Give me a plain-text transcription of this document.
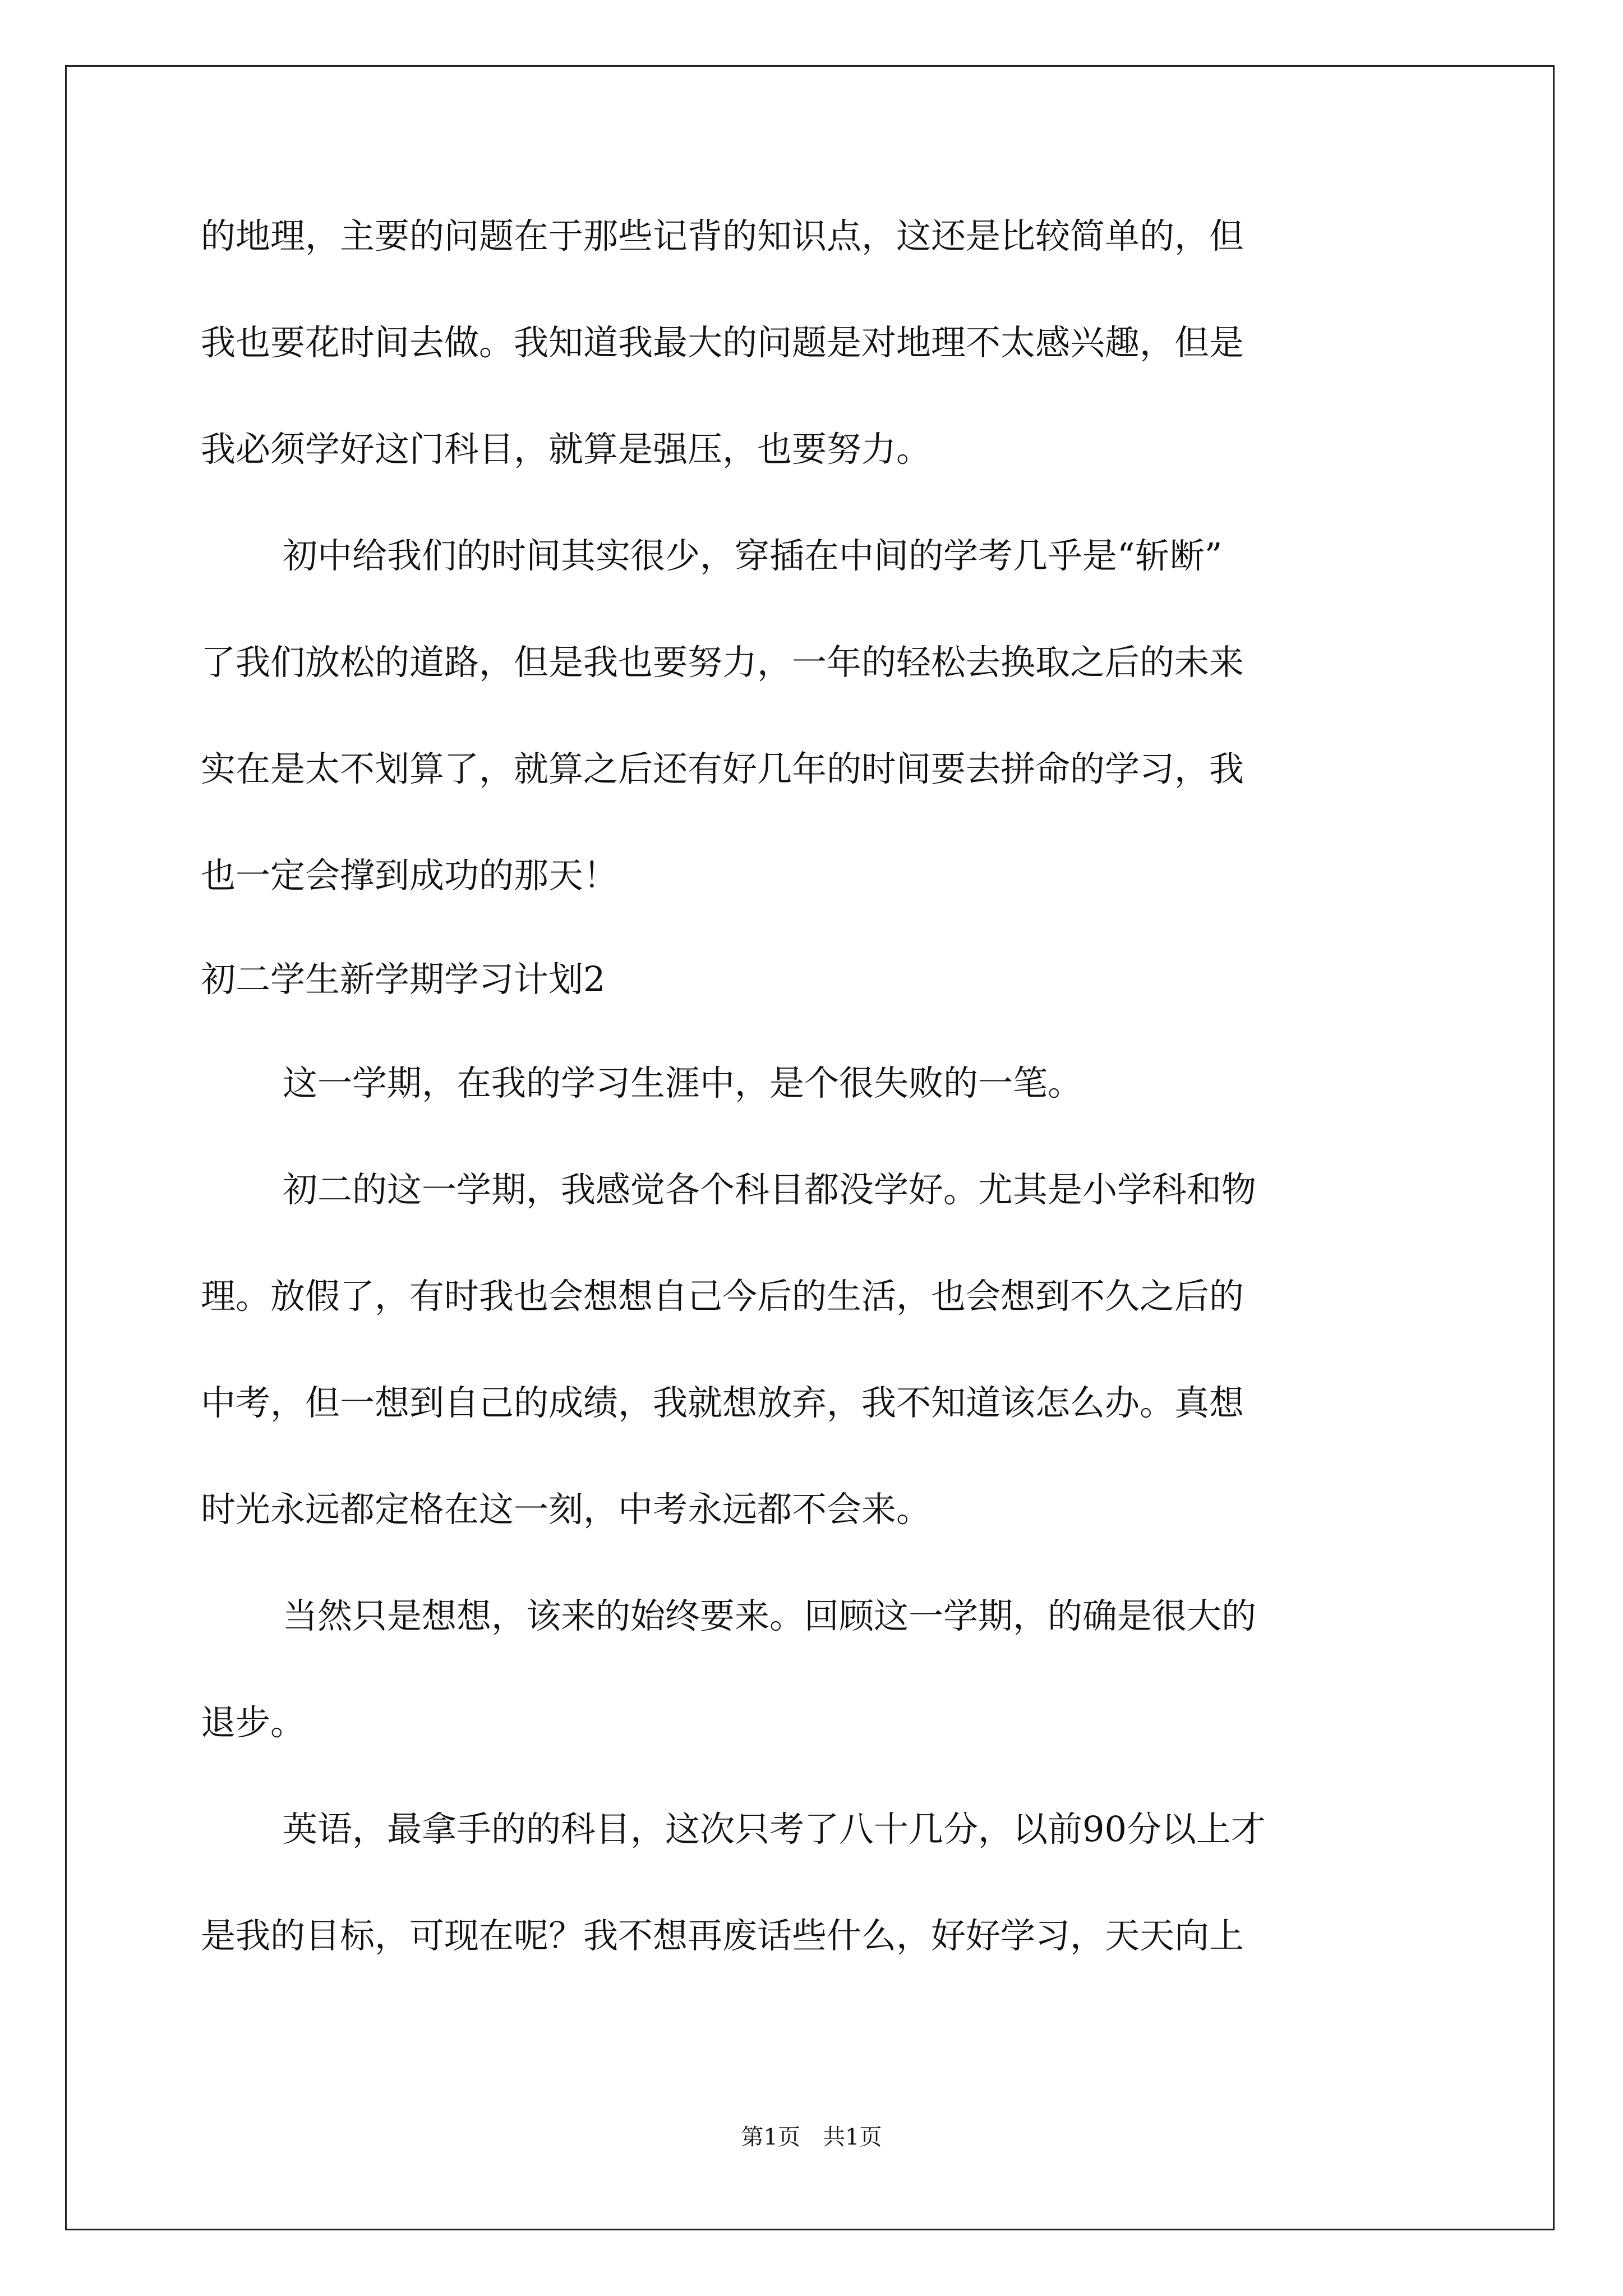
的地理，主要的问题在于那些记背的知识点，这还是比较简单的，但
我也要花时间去做。我知道我最大的问题是对地理不太感兴趣，但是
我必须学好这门科目，就算是强压，也要努力。
初中给我们的时间其实很少，穿插在中间的学考几乎是“斩断”
了我们放松的道路，但是我也要努力，一年的轻松去换取之后的未来
实在是太不划算了，就算之后还有好几年的时间要去拼命的学习，我
也一定会撑到成功的那天！
初二学生新学期学习计划2
这一学期，在我的学习生涯中，是个很失败的一笔。
初二的这一学期，我感觉各个科目都没学好。尤其是小学科和物
理。放假了，有时我也会想想自己今后的生活，也会想到不久之后的
中考，但一想到自己的成绩，我就想放弃，我不知道该怎么办。真想
时光永远都定格在这一刻，中考永远都不会来。
当然只是想想，该来的始终要来。回顾这一学期，的确是很大的
退步。
英语，最拿手的的科目，这次只考了八十几分，以前90分以上才
是我的目标，可现在呢？我不想再废话些什么，好好学习，天天向上
第1页　共1页
